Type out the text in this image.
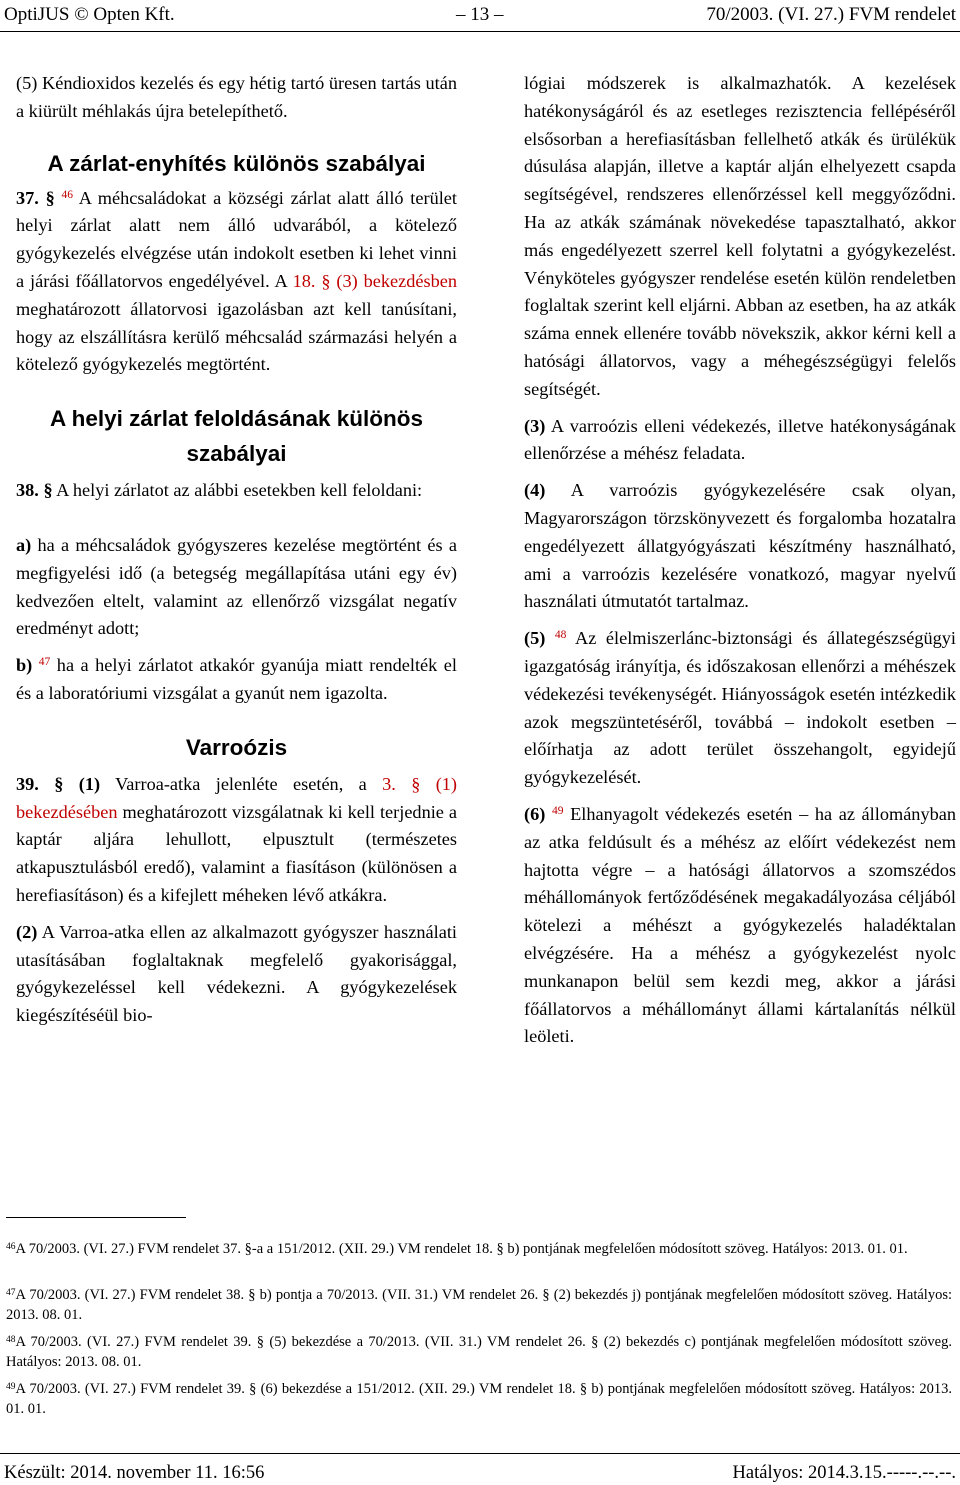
OptiJUS © Opten Kft.	– 13 –	70/2003. (VI. 27.) FVM rendelet

(5) Kéndioxidos kezelés és egy hétig tartó üresen tartás után a kiürült méhlakás újra betelepíthető.

A zárlat-enyhítés különös szabályai

37. § $^{46}$ A méhcsaládokat a községi zárlat alatt álló terület helyi zárlat alatt nem álló udvarából, a kötelező gyógykezelés elvégzése után indokolt esetben ki lehet vinni a járási főállatorvos engedélyével. A 18. § (3) bekezdésben meghatározott állatorvosi igazolásban azt kell tanúsítani, hogy az elszállításra kerülő méhcsalád származási helyén a kötelező gyógykezelés megtörtént.

A helyi zárlat feloldásának különös szabályai

38. § A helyi zárlatot az alábbi esetekben kell feloldani:

a) ha a méhcsaládok gyógyszeres kezelése megtörtént és a megfigyelési idő (a betegség megállapítása utáni egy év) kedvezően eltelt, valamint az ellenőrző vizsgálat negatív eredményt adott;

b) $^{47}$ ha a helyi zárlatot atkakór gyanúja miatt rendelték el és a laboratóriumi vizsgálat a gyanút nem igazolta.

Varroózis

39. § (1) Varroa-atka jelenléte esetén, a 3. § (1) bekezdésében meghatározott vizsgálatnak ki kell terjednie a kaptár aljára lehullott, elpusztult (természetes atkapusztulásból eredő), valamint a fiasításon (különösen a herefiasításon) és a kifejlett méheken lévő atkákra.

(2) A Varroa-atka ellen az alkalmazott gyógyszer használati utasításában foglaltaknak megfelelő gyakorisággal, gyógykezeléssel kell védekezni. A gyógykezelések kiegészítéséül bio-

lógiai módszerek is alkalmazhatók. A kezelések hatékonyságáról és az esetleges rezisztencia fellépéséről elsősorban a herefiasításban fellelhető atkák és ürülékük dúsulása alapján, illetve a kaptár alján elhelyezett csapda segítségével, rendszeres ellenőrzéssel kell meggyőződni. Ha az atkák számának növekedése tapasztalható, akkor más engedélyezett szerrel kell folytatni a gyógykezelést. Vényköteles gyógyszer rendelése esetén külön rendeletben foglaltak szerint kell eljárni. Abban az esetben, ha az atkák száma ennek ellenére tovább növekszik, akkor kérni kell a hatósági állatorvos, vagy a méhegészségügyi felelős segítségét.

(3) A varroózis elleni védekezés, illetve hatékonyságának ellenőrzése a méhész feladata.

(4) A varroózis gyógykezelésére csak olyan, Magyarországon törzskönyvezett és forgalomba hozatalra engedélyezett állatgyógyászati készítmény használható, ami a varroózis kezelésére vonatkozó, magyar nyelvű használati útmutatót tartalmaz.

(5) $^{48}$ Az élelmiszerlánc-biztonsági és állategészségügyi igazgatóság irányítja, és időszakosan ellenőrzi a méhészek védekezési tevékenységét. Hiányosságok esetén intézkedik azok megszüntetéséről, továbbá – indokolt esetben – előírhatja az adott terület összehangolt, egyidejű gyógykezelését.

(6) $^{49}$ Elhanyagolt védekezés esetén – ha az állományban az atka feldúsult és a méhész az előírt védekezést nem hajtotta végre – a hatósági állatorvos a szomszédos méhállományok fertőződésének megakadályozása céljából kötelezi a méhészt a gyógykezelés haladéktalan elvégzésére. Ha a méhész a gyógykezelést nyolc munkanapon belül sem kezdi meg, akkor a járási főállatorvos a méhállományt állami kártalanítás nélkül leöleti.

$^{46}$A 70/2003. (VI. 27.) FVM rendelet 37. §-a a 151/2012. (XII. 29.) VM rendelet 18. § b) pontjának megfelelően módosított szöveg. Hatályos: 2013. 01. 01.
$^{47}$A 70/2003. (VI. 27.) FVM rendelet 38. § b) pontja a 70/2013. (VII. 31.) VM rendelet 26. § (2) bekezdés j) pontjának megfelelően módosított szöveg. Hatályos: 2013. 08. 01.
$^{48}$A 70/2003. (VI. 27.) FVM rendelet 39. § (5) bekezdése a 70/2013. (VII. 31.) VM rendelet 26. § (2) bekezdés c) pontjának megfelelően módosított szöveg. Hatályos: 2013. 08. 01.
$^{49}$A 70/2003. (VI. 27.) FVM rendelet 39. § (6) bekezdése a 151/2012. (XII. 29.) VM rendelet 18. § b) pontjának megfelelően módosított szöveg. Hatályos: 2013. 01. 01.
Készült: 2014. november 11. 16:56	Hatályos: 2014.3.15.-----.--.--.
